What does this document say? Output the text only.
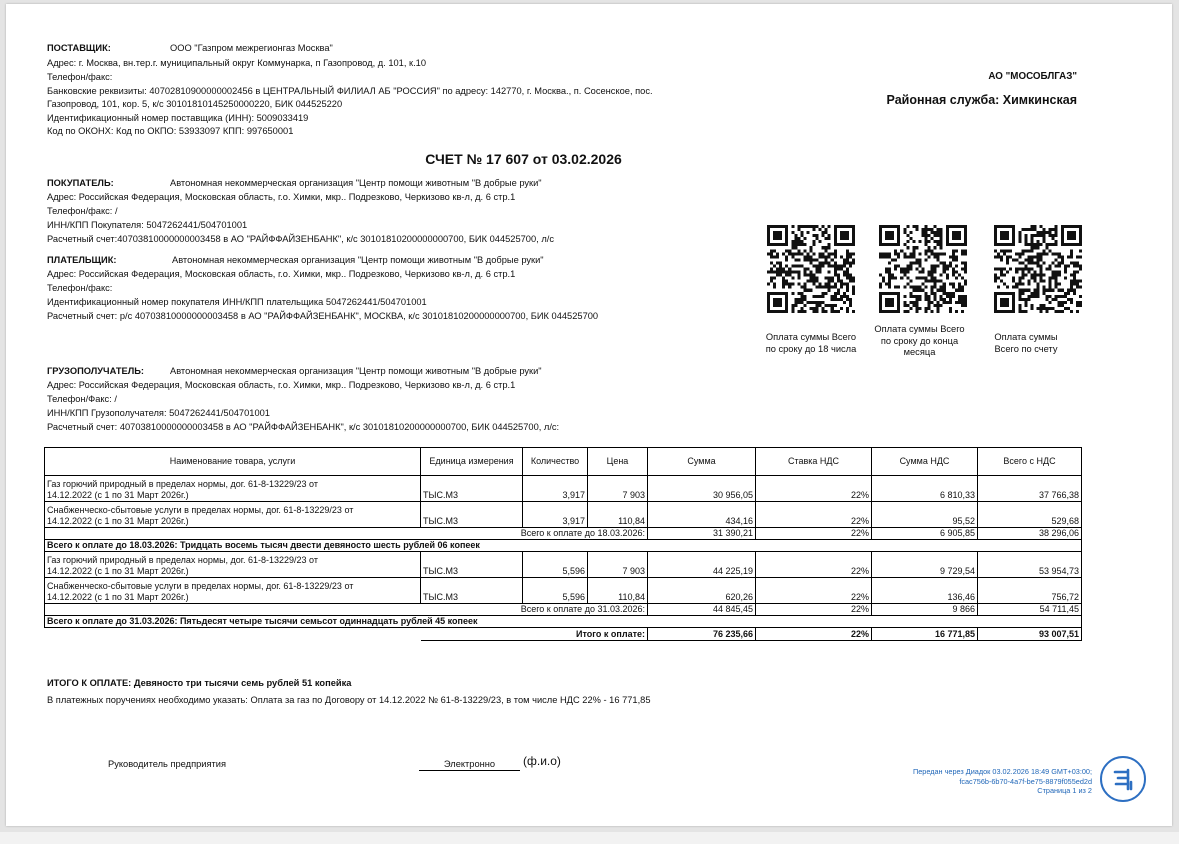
ПОСТАВЩИК:	ООО "Газпром межрегионгаз Москва"
Адрес: г. Москва, вн.тер.г. муниципальный округ Коммунарка, п Газопровод, д. 101, к.10
Телефон/факс:
Банковские реквизиты: 40702810900000002456 в ЦЕНТРАЛЬНЫЙ ФИЛИАЛ АБ "РОССИЯ" по адресу: 142770, г. Москва., п. Сосенское, пос.
Газопровод, 101, кор. 5, к/с 30101810145250000220, БИК 044525220
Идентификационный номер поставщика (ИНН): 5009033419
Код по ОКОНХ: Код по ОКПО: 53933097 КПП: 997650001
АО "МОСОБЛГАЗ"
Районная служба: Химкинская
СЧЕТ № 17 607 от 03.02.2026
ПОКУПАТЕЛЬ:	Автономная некоммерческая организация "Центр помощи животным "В добрые руки"
Адрес: Российская Федерация, Московская область, г.о. Химки, мкр.. Подрезково, Черкизово кв-л, д. 6 стр.1
Телефон/факс: /
ИНН/КПП Покупателя: 5047262441/504701001
Расчетный счет:40703810000000003458 в АО "РАЙФФАЙЗЕНБАНК", к/с 30101810200000000700, БИК 044525700, л/с
ПЛАТЕЛЬЩИК:	Автономная некоммерческая организация "Центр помощи животным "В добрые руки"
Адрес: Российская Федерация, Московская область, г.о. Химки, мкр.. Подрезково, Черкизово кв-л, д. 6 стр.1
Телефон/факс:
Идентификационный номер покупателя ИНН/КПП плательщика 5047262441/504701001
Расчетный счет: р/с 40703810000000003458 в АО "РАЙФФАЙЗЕНБАНК", МОСКВА, к/с 30101810200000000700, БИК 044525700
Оплата суммы Всего
по сроку до 18 числа
Оплата суммы Всего
по сроку до конца
месяца
Оплата суммы
Всего по счету
ГРУЗОПОЛУЧАТЕЛЬ:	Автономная некоммерческая организация "Центр помощи животным "В добрые руки"
Адрес: Российская Федерация, Московская область, г.о. Химки, мкр.. Подрезково, Черкизово кв-л, д. 6 стр.1
Телефон/Факс: /
ИНН/КПП Грузополучателя: 5047262441/504701001
Расчетный счет: 40703810000000003458 в АО "РАЙФФАЙЗЕНБАНК", к/с 30101810200000000700, БИК 044525700, л/с:
Наименование товара, услуги	Единица измерения	Количество	Цена	Сумма	Ставка НДС	Сумма НДС	Всего с НДС

Газ горючий природный в пределах нормы, дог. 61-8-13229/23 от
14.12.2022 (с 1 по 31 Март 2026г.)	ТЫС.М3	3,917	7 903	30 956,05	22%	6 810,33	37 766,38

Снабженческо-сбытовые услуги в пределах нормы, дог. 61-8-13229/23 от
14.12.2022 (с 1 по 31 Март 2026г.)	ТЫС.М3	3,917	110,84	434,16	22%	95,52	529,68
Всего к оплате до 18.03.2026:				31 390,21	22%	6 905,85	38 296,06
Всего к оплате до 18.03.2026: Тридцать восемь тысяч двести девяносто шесть рублей 06 копеек							

Газ горючий природный в пределах нормы, дог. 61-8-13229/23 от
14.12.2022 (с 1 по 31 Март 2026г.)	ТЫС.М3	5,596	7 903	44 225,19	22%	9 729,54	53 954,73

Снабженческо-сбытовые услуги в пределах нормы, дог. 61-8-13229/23 от
14.12.2022 (с 1 по 31 Март 2026г.)	ТЫС.М3	5,596	110,84	620,26	22%	136,46	756,72
Всего к оплате до 31.03.2026:				44 845,45	22%	9 866	54 711,45
Всего к оплате до 31.03.2026: Пятьдесят четыре тысячи семьсот одиннадцать рублей 45 копеек							
	Итого к оплате:			76 235,66	22%	16 771,85	93 007,51
ИТОГО К ОПЛАТЕ: Девяносто три тысячи семь рублей 51 копейка
В платежных поручениях необходимо указать: Оплата за газ по Договору от 14.12.2022 № 61-8-13229/23, в том числе НДС 22% - 16 771,85
Руководитель предприятия	Электронно	(ф.и.о)
Передан через Диадок 03.02.2026 18:49 GMT+03:00;
fcac756b-6b70-4a7f-be75-8879f055ed2d
Страница 1 из 2
